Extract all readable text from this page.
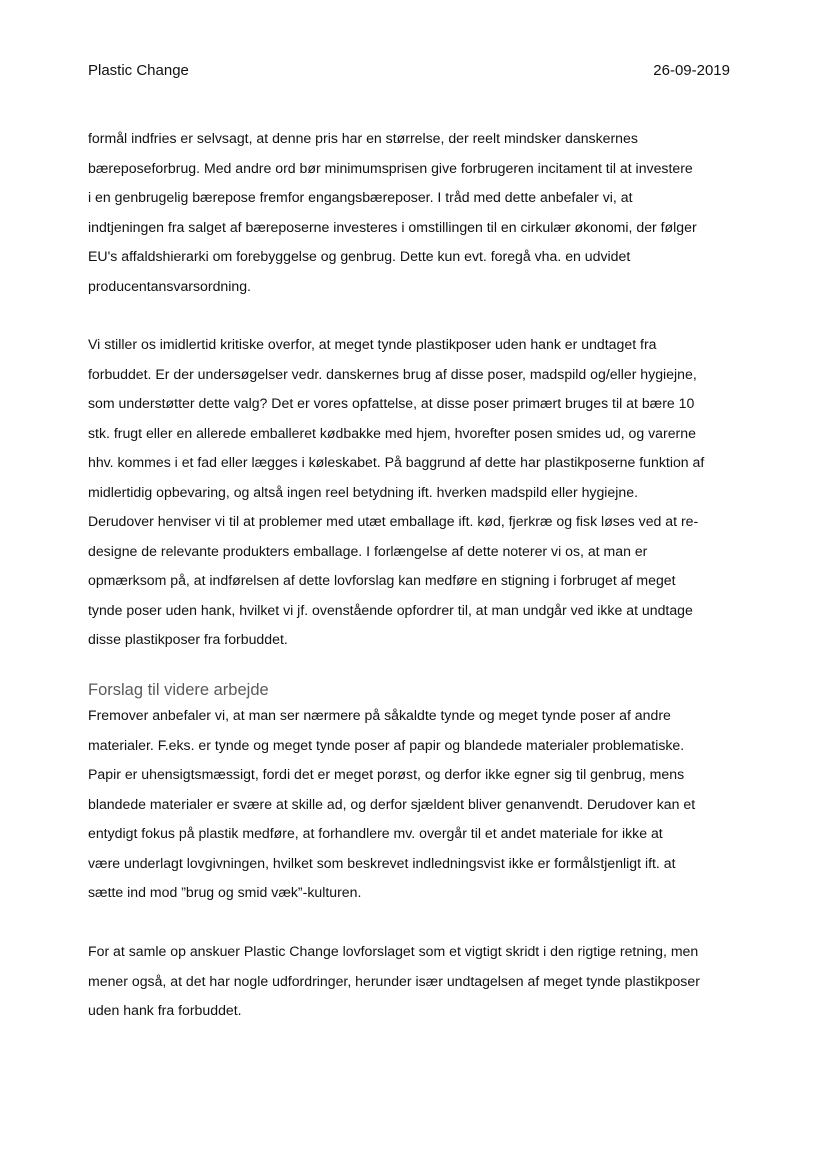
Plastic Change	26-09-2019

formål indfries er selvsagt, at denne pris har en størrelse, der reelt mindsker danskernes

bæreposeforbrug. Med andre ord bør minimumsprisen give forbrugeren incitament til at investere

i en genbrugelig bærepose fremfor engangsbæreposer. I tråd med dette anbefaler vi, at

indtjeningen fra salget af bæreposerne investeres i omstillingen til en cirkulær økonomi, der følger

EU's affaldshierarki om forebyggelse og genbrug. Dette kun evt. foregå vha. en udvidet

producentansvarsordning.

Vi stiller os imidlertid kritiske overfor, at meget tynde plastikposer uden hank er undtaget fra

forbuddet. Er der undersøgelser vedr. danskernes brug af disse poser, madspild og/eller hygiejne,

som understøtter dette valg? Det er vores opfattelse, at disse poser primært bruges til at bære 10

stk. frugt eller en allerede emballeret kødbakke med hjem, hvorefter posen smides ud, og varerne

hhv. kommes i et fad eller lægges i køleskabet. På baggrund af dette har plastikposerne funktion af

midlertidig opbevaring, og altså ingen reel betydning ift. hverken madspild eller hygiejne.

Derudover henviser vi til at problemer med utæt emballage ift. kød, fjerkræ og fisk løses ved at re-

designe de relevante produkters emballage. I forlængelse af dette noterer vi os, at man er

opmærksom på, at indførelsen af dette lovforslag kan medføre en stigning i forbruget af meget

tynde poser uden hank, hvilket vi jf. ovenstående opfordrer til, at man undgår ved ikke at undtage

disse plastikposer fra forbuddet.

Forslag til videre arbejde

Fremover anbefaler vi, at man ser nærmere på såkaldte tynde og meget tynde poser af andre

materialer. F.eks. er tynde og meget tynde poser af papir og blandede materialer problematiske.

Papir er uhensigtsmæssigt, fordi det er meget porøst, og derfor ikke egner sig til genbrug, mens

blandede materialer er svære at skille ad, og derfor sjældent bliver genanvendt. Derudover kan et

entydigt fokus på plastik medføre, at forhandlere mv. overgår til et andet materiale for ikke at

være underlagt lovgivningen, hvilket som beskrevet indledningsvist ikke er formålstjenligt ift. at

sætte ind mod ”brug og smid væk”-kulturen.

For at samle op anskuer Plastic Change lovforslaget som et vigtigt skridt i den rigtige retning, men

mener også, at det har nogle udfordringer, herunder især undtagelsen af meget tynde plastikposer

uden hank fra forbuddet.
